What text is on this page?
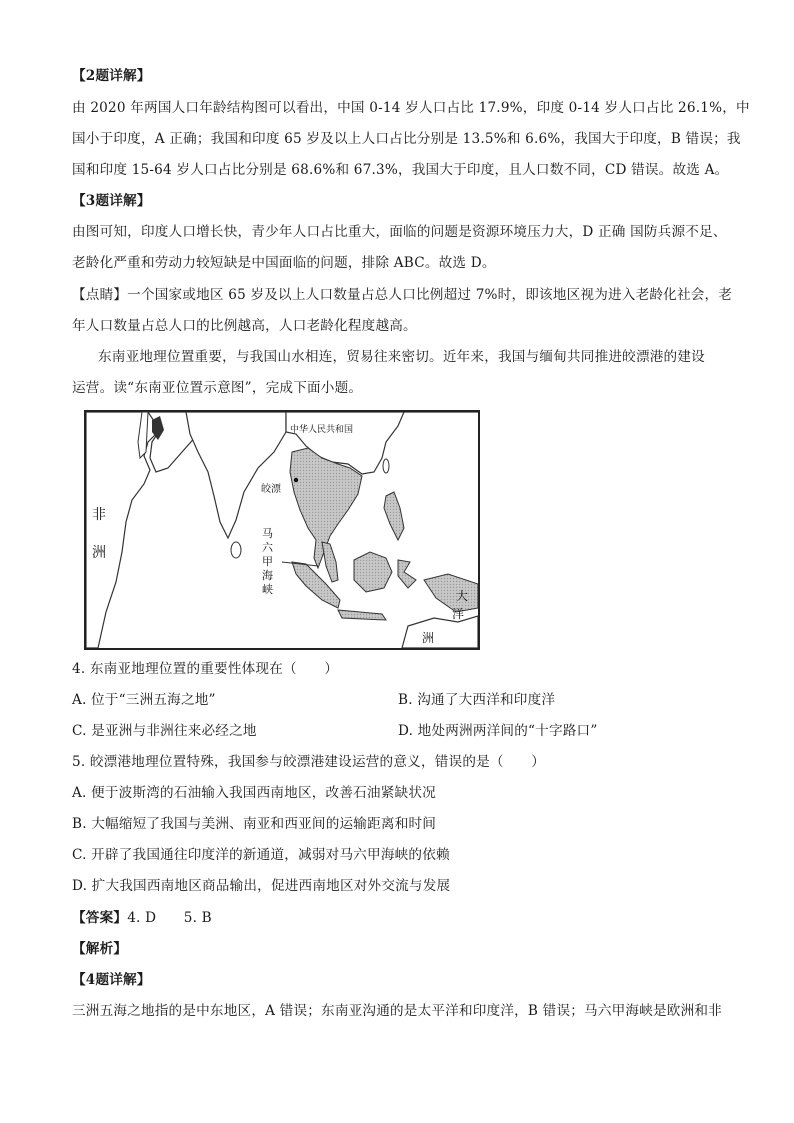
【2题详解】
由 2020 年两国人口年龄结构图可以看出，中国 0-14 岁人口占比 17.9%，印度 0-14 岁人口占比 26.1%，中
国小于印度，A 正确；我国和印度 65 岁及以上人口占比分别是 13.5%和 6.6%，我国大于印度，B 错误；我
国和印度 15-64 岁人口占比分别是 68.6%和 67.3%，我国大于印度，且人口数不同，CD 错误。故选 A。
【3题详解】
由图可知，印度人口增长快，青少年人口占比重大，面临的问题是资源环境压力大，D 正确 国防兵源不足、
老龄化严重和劳动力较短缺是中国面临的问题，排除 ABC。故选 D。
【点睛】一个国家或地区 65 岁及以上人口数量占总人口比例超过 7%时，即该地区视为进入老龄化社会，老
年人口数量占总人口的比例越高，人口老龄化程度越高。
东南亚地理位置重要，与我国山水相连，贸易往来密切。近年来，我国与缅甸共同推进皎漂港的建设
运营。读“东南亚位置示意图”，完成下面小题。
中华人民共和国
皎漂
马
六
甲
海
峡
非
洲
大
洋
洲
4. 东南亚地理位置的重要性体现在（　　）
A. 位于“三洲五海之地”	B. 沟通了大西洋和印度洋
C. 是亚洲与非洲往来必经之地	D. 地处两洲两洋间的“十字路口”
5. 皎漂港地理位置特殊，我国参与皎漂港建设运营的意义，错误的是（　　）
A. 便于波斯湾的石油输入我国西南地区，改善石油紧缺状况
B. 大幅缩短了我国与美洲、南亚和西亚间的运输距离和时间
C. 开辟了我国通往印度洋的新通道，减弱对马六甲海峡的依赖
D. 扩大我国西南地区商品输出，促进西南地区对外交流与发展
【答案】4. D　　5. B
【解析】
【4题详解】
三洲五海之地指的是中东地区，A 错误；东南亚沟通的是太平洋和印度洋，B 错误；马六甲海峡是欧洲和非
